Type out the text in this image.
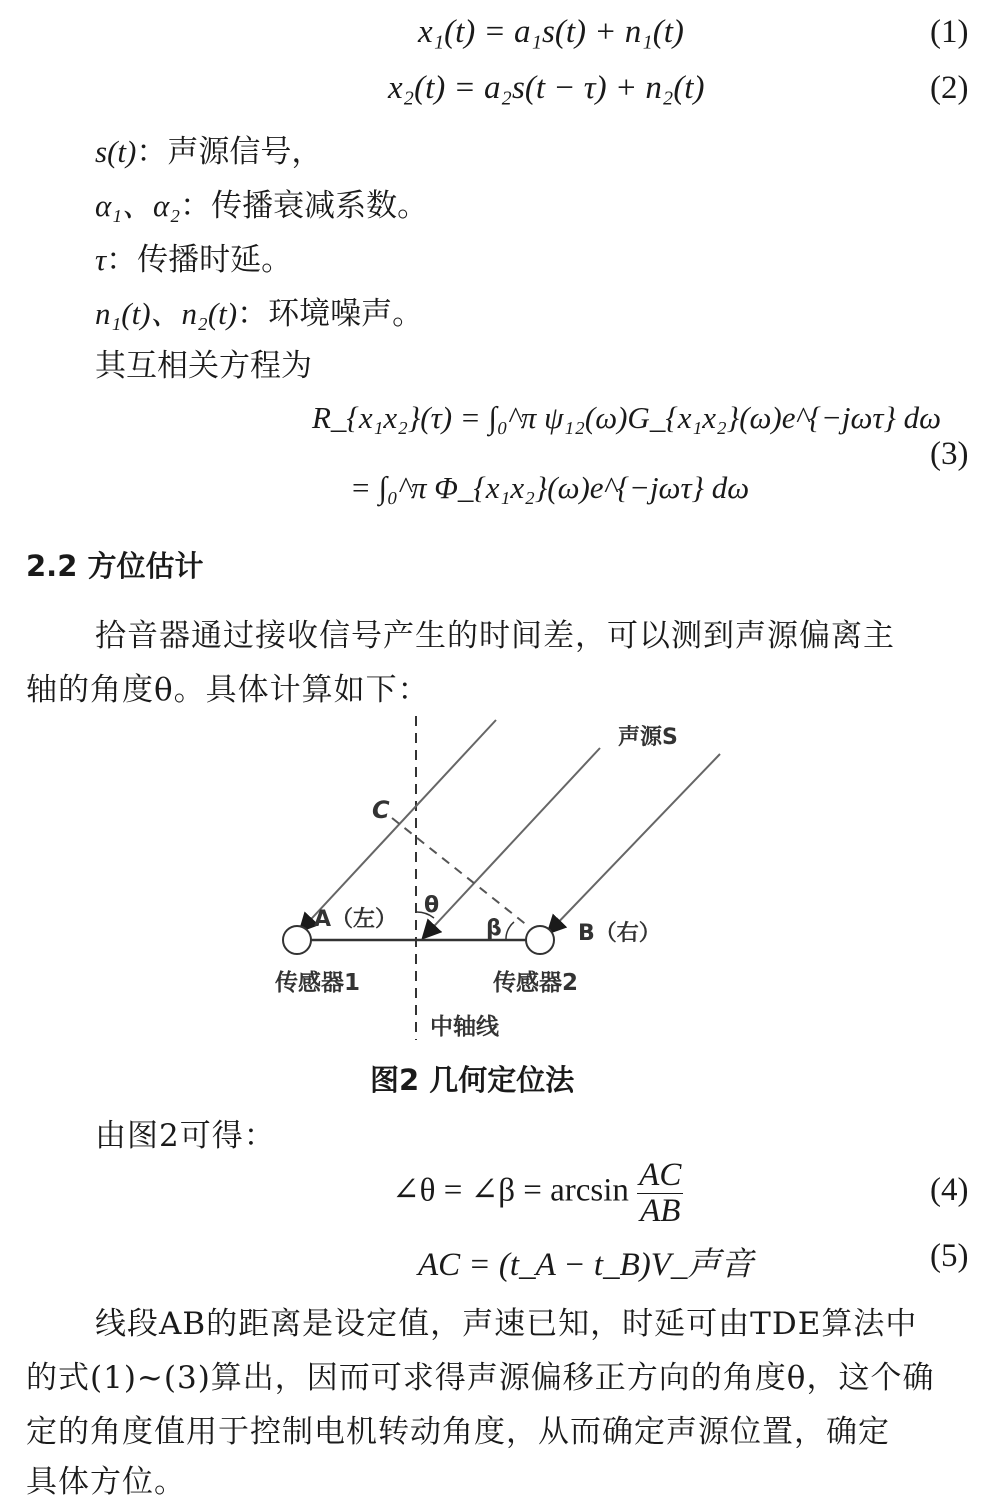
x₁(t) = a₁s(t) + n₁(t)	(1)
x₂(t) = a₂s(t − τ) + n₂(t)	(2)
s(t)：声源信号，
α₁、α₂：传播衰减系数。
τ：传播时延。
n₁(t)、n₂(t)：环境噪声。
其互相关方程为
R_{x₁x₂}(τ) = ∫₀^π ψ₁₂(ω)G_{x₁x₂}(ω)e^{−jωτ} dω
= ∫₀^π Φ_{x₁x₂}(ω)e^{−jωτ} dω
(3)
2.2 方位估计
拾音器通过接收信号产生的时间差，可以测到声源偏离主
轴的角度θ。具体计算如下：
声源S
C
A（左）
θ
β	B（右）
传感器1	传感器2
中轴线
图2 几何定位法
由图2可得：
∠θ = ∠β = $\arcsin \frac{AC}{AB}$	(4)
AC = (t_A − t_B)V_声音	(5)
线段AB的距离是设定值，声速已知，时延可由TDE算法中
的式(1)~(3)算出，因而可求得声源偏移正方向的角度θ，这个确
定的角度值用于控制电机转动角度，从而确定声源位置，确定
具体方位。
